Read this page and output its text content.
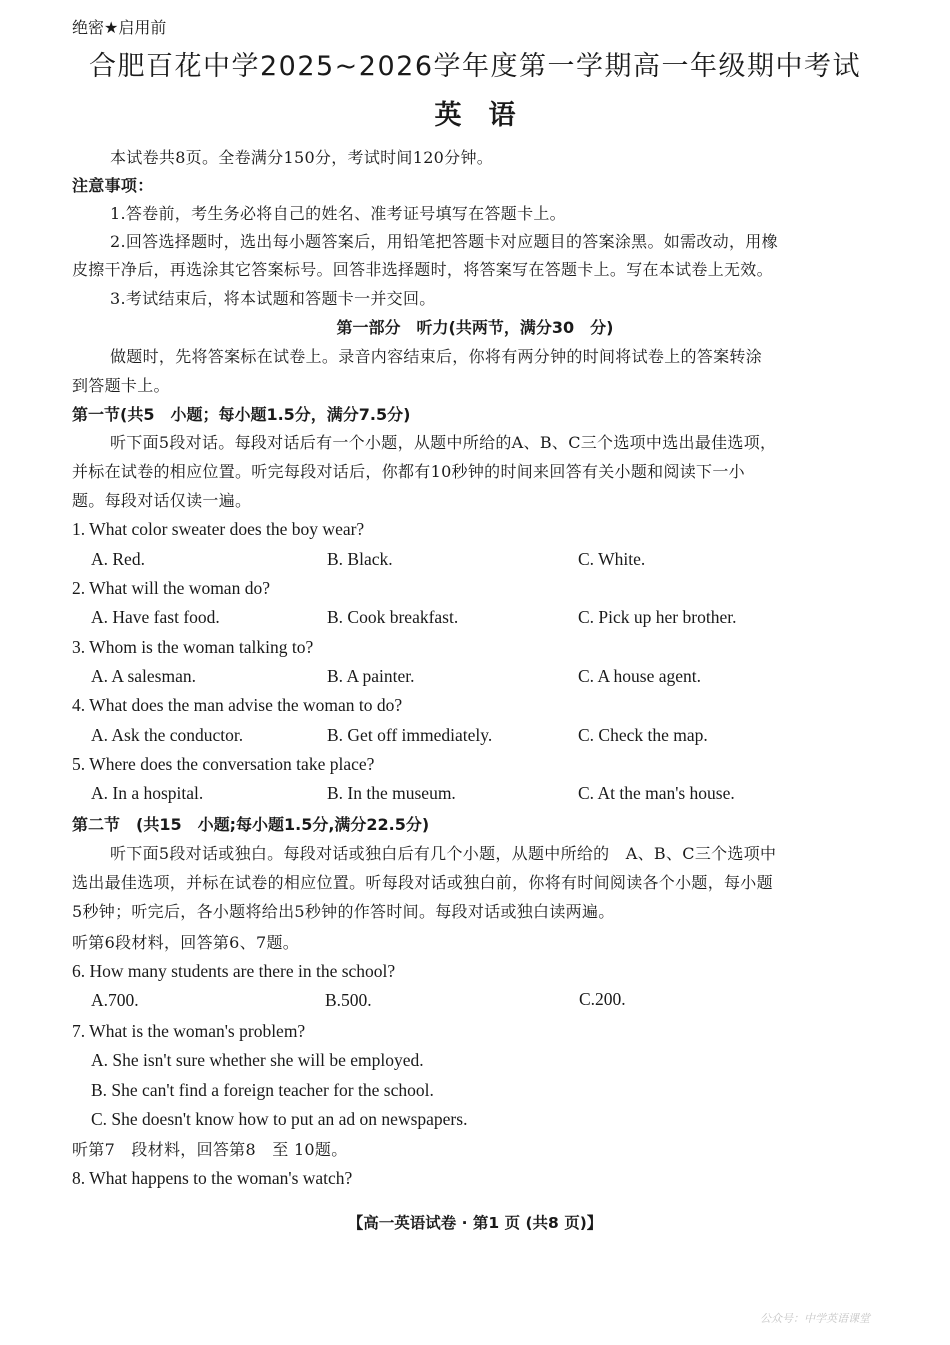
绝密★启用前
合肥百花中学2025~2026学年度第一学期高一年级期中考试
英　语
本试卷共8页。全卷满分150分，考试时间120分钟。
注意事项：
1.答卷前，考生务必将自己的姓名、准考证号填写在答题卡上。
2.回答选择题时，选出每小题答案后，用铅笔把答题卡对应题目的答案涂黑。如需改动，用橡
皮擦干净后，再选涂其它答案标号。回答非选择题时，将答案写在答题卡上。写在本试卷上无效。
3.考试结束后，将本试题和答题卡一并交回。
第一部分　听力(共两节，满分30　分)
做题时，先将答案标在试卷上。录音内容结束后，你将有两分钟的时间将试卷上的答案转涂
到答题卡上。
第一节(共5　小题；每小题1.5分，满分7.5分)
听下面5段对话。每段对话后有一个小题，从题中所给的A、B、C三个选项中选出最佳选项，
并标在试卷的相应位置。听完每段对话后，你都有10秒钟的时间来回答有关小题和阅读下一小
题。每段对话仅读一遍。
1. What color sweater does the boy wear?
A. Red.	B. Black.	C. White.
2. What will the woman do?
A. Have fast food.	B. Cook breakfast.	C. Pick up her brother.
3. Whom is the woman talking to?
A. A salesman.	B. A painter.	C. A house agent.
4. What does the man advise the woman to do?
A. Ask the conductor.	B. Get off immediately.	C. Check the map.
5. Where does the conversation take place?
A. In a hospital.	B. In the museum.	C. At the man's house.
第二节　(共15　小题;每小题1.5分,满分22.5分)
听下面5段对话或独白。每段对话或独白后有几个小题，从题中所给的　A、B、C三个选项中
选出最佳选项，并标在试卷的相应位置。听每段对话或独白前，你将有时间阅读各个小题，每小题
5秒钟；听完后，各小题将给出5秒钟的作答时间。每段对话或独白读两遍。
听第6段材料，回答第6、7题。
6. How many students are there in the school?
A.700.	B.500.	C.200.
7. What is the woman's problem?
A. She isn't sure whether she will be employed.
B. She can't find a foreign teacher for the school.
C. She doesn't know how to put an ad on newspapers.
听第7　段材料，回答第8　至 10题。
8. What happens to the woman's watch?
【高一英语试卷 · 第1 页 (共8 页)】
公众号：中学英语课堂
